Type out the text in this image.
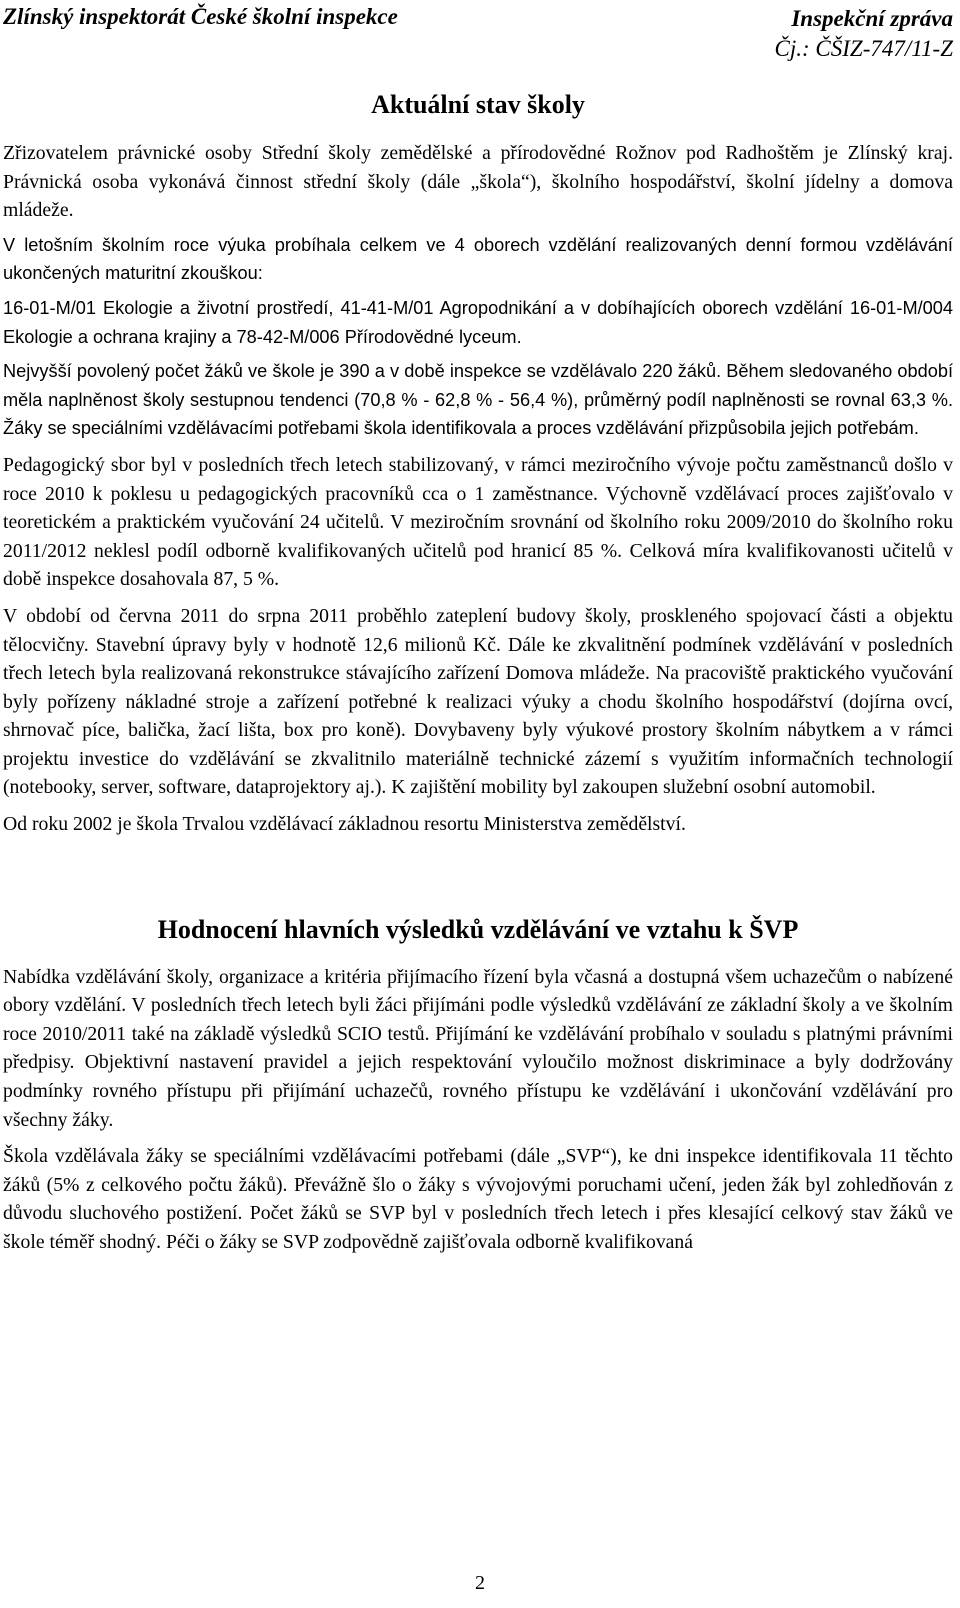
Zlínský inspektorát České školní inspekce	Inspekční zpráva
Čj.: ČŠIZ-747/11-Z
Aktuální stav školy

Zřizovatelem právnické osoby Střední školy zemědělské a přírodovědné Rožnov pod Radhoštěm je Zlínský kraj. Právnická osoba vykonává činnost střední školy (dále „škola“), školního hospodářství, školní jídelny a domova mládeže.

V letošním školním roce výuka probíhala celkem ve 4 oborech vzdělání realizovaných denní formou vzdělávání ukončených maturitní zkouškou:

16-01-M/01 Ekologie a životní prostředí, 41-41-M/01 Agropodnikání a v dobíhajících oborech vzdělání 16-01-M/004 Ekologie a ochrana krajiny a 78-42-M/006 Přírodovědné lyceum.

Nejvyšší povolený počet žáků ve škole je 390 a v době inspekce se vzdělávalo 220 žáků. Během sledovaného období měla naplněnost školy sestupnou tendenci (70,8 % - 62,8 % - 56,4 %), průměrný podíl naplněnosti se rovnal 63,3 %. Žáky se speciálními vzdělávacími potřebami škola identifikovala a proces vzdělávání přizpůsobila jejich potřebám.

Pedagogický sbor byl v posledních třech letech stabilizovaný, v rámci meziročního vývoje počtu zaměstnanců došlo v roce 2010 k poklesu u pedagogických pracovníků cca o 1 zaměstnance. Výchovně vzdělávací proces zajišťovalo v teoretickém a praktickém vyučování 24 učitelů. V meziročním srovnání od školního roku 2009/2010 do školního roku 2011/2012 neklesl podíl odborně kvalifikovaných učitelů pod hranicí 85 %. Celková míra kvalifikovanosti učitelů v době inspekce dosahovala 87, 5 %.

V období od června 2011 do srpna 2011 proběhlo zateplení budovy školy, proskleného spojovací části a objektu tělocvičny. Stavební úpravy byly v hodnotě 12,6 milionů Kč. Dále ke zkvalitnění podmínek vzdělávání v posledních třech letech byla realizovaná rekonstrukce stávajícího zařízení Domova mládeže. Na pracoviště praktického vyučování byly pořízeny nákladné stroje a zařízení potřebné k realizaci výuky a chodu školního hospodářství (dojírna ovcí, shrnovač píce, balička, žací lišta, box pro koně). Dovybaveny byly výukové prostory školním nábytkem a v rámci projektu investice do vzdělávání se zkvalitnilo materiálně technické zázemí s využitím informačních technologií (notebooky, server, software, dataprojektory aj.). K zajištění mobility byl zakoupen služební osobní automobil.

Od roku 2002 je škola Trvalou vzdělávací základnou resortu Ministerstva zemědělství.

Hodnocení hlavních výsledků vzdělávání ve vztahu k ŠVP

Nabídka vzdělávání školy, organizace a kritéria přijímacího řízení byla včasná a dostupná všem uchazečům o nabízené obory vzdělání. V posledních třech letech byli žáci přijímáni podle výsledků vzdělávání ze základní školy a ve školním roce 2010/2011 také na základě výsledků SCIO testů. Přijímání ke vzdělávání probíhalo v souladu s platnými právními předpisy. Objektivní nastavení pravidel a jejich respektování vyloučilo možnost diskriminace a byly dodržovány podmínky rovného přístupu při přijímání uchazečů, rovného přístupu ke vzdělávání i ukončování vzdělávání pro všechny žáky.

Škola vzdělávala žáky se speciálními vzdělávacími potřebami (dále „SVP“), ke dni inspekce identifikovala 11 těchto žáků (5% z celkového počtu žáků). Převážně šlo o žáky s vývojovými poruchami učení, jeden žák byl zohledňován z důvodu sluchového postižení. Počet žáků se SVP byl v posledních třech letech i přes klesající celkový stav žáků ve škole téměř shodný. Péči o žáky se SVP zodpovědně zajišťovala odborně kvalifikovaná

2
